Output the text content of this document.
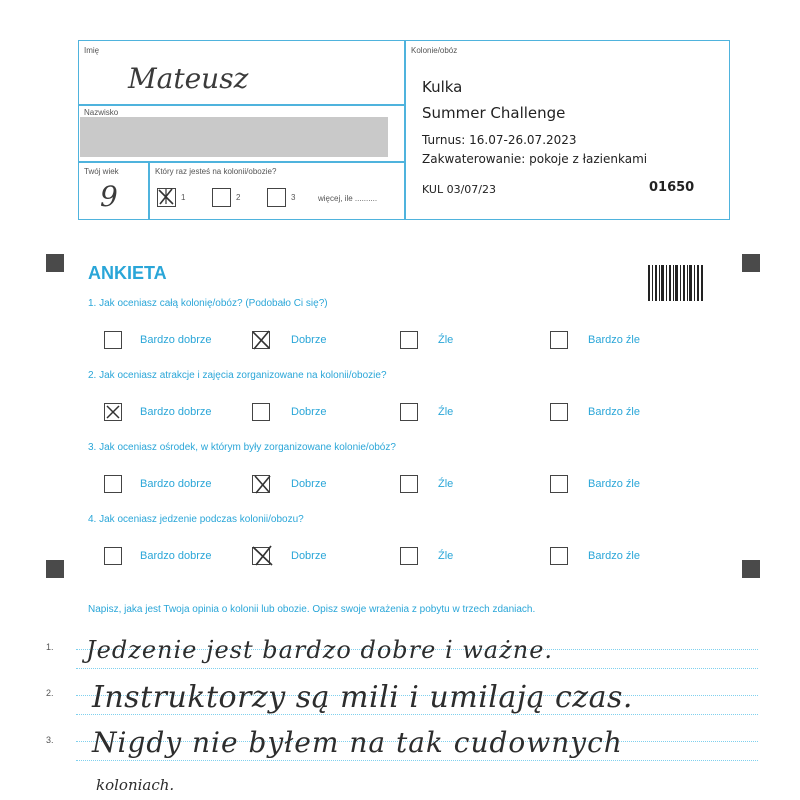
Imię
Mateusz
Nazwisko
Twój wiek
9
Który raz jesteś na kolonii/obozie?
1	2	3	więcej, ile ..........
Kolonie/obóz
Kulka
Summer Challenge
Turnus: 16.07-26.07.2023
Zakwaterowanie: pokoje z łazienkami
KUL 03/07/23	01650
ANKIETA
1. Jak oceniasz całą kolonię/obóz? (Podobało Ci się?)
Bardzo dobrze	Dobrze	Źle	Bardzo źle
2. Jak oceniasz atrakcje i zajęcia zorganizowane na kolonii/obozie?
Bardzo dobrze	Dobrze	Źle	Bardzo źle
3. Jak oceniasz ośrodek, w którym były zorganizowane kolonie/obóz?
Bardzo dobrze	Dobrze	Źle	Bardzo źle
4. Jak oceniasz jedzenie podczas kolonii/obozu?
Bardzo dobrze	Dobrze	Źle	Bardzo źle
Napisz, jaka jest Twoja opinia o kolonii lub obozie. Opisz swoje wrażenia z pobytu w trzech zdaniach.
1.
2.
3.
Jedzenie jest bardzo dobre i ważne.
Instruktorzy są mili i umilają czas.
Nigdy nie byłem na tak cudownych
koloniach.
